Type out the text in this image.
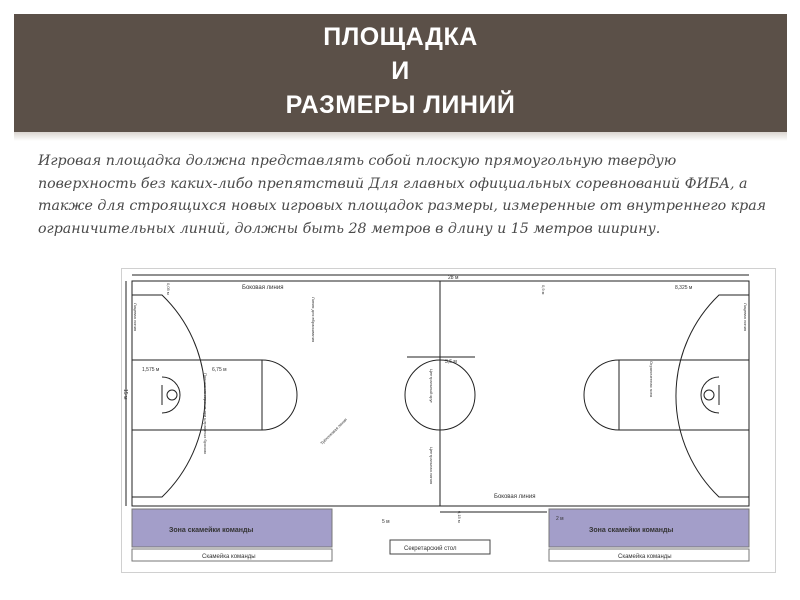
ПЛОЩАДКА
И
РАЗМЕРЫ ЛИНИЙ
Игровая площадка должна представлять собой плоскую прямоугольную твердую поверхность без каких-либо препятствий Для главных официальных соревнований ФИБА, а также для строящихся новых игровых площадок размеры, измеренные от внутреннего края ограничительных линий, должны быть 28 метров в длину и 15 метров ширину.
Боковая линия
Боковая линия
28 м
8,325 м
1,575 м	6,75 м
3,6 м
5 м	2 м
Зона скамейки команды	Зона скамейки команды
Скамейка команды	Скамейка команды
Секретарский стол
Лицевая линия	Лицевая линия
15 м	Центральный круг
Центральная линия
Трёхочковая линия
Ограниченная зона
Положение игроков при штрафных бросках
Линия для вбрасывания
0,05 м	0,9 м
0,15 м
